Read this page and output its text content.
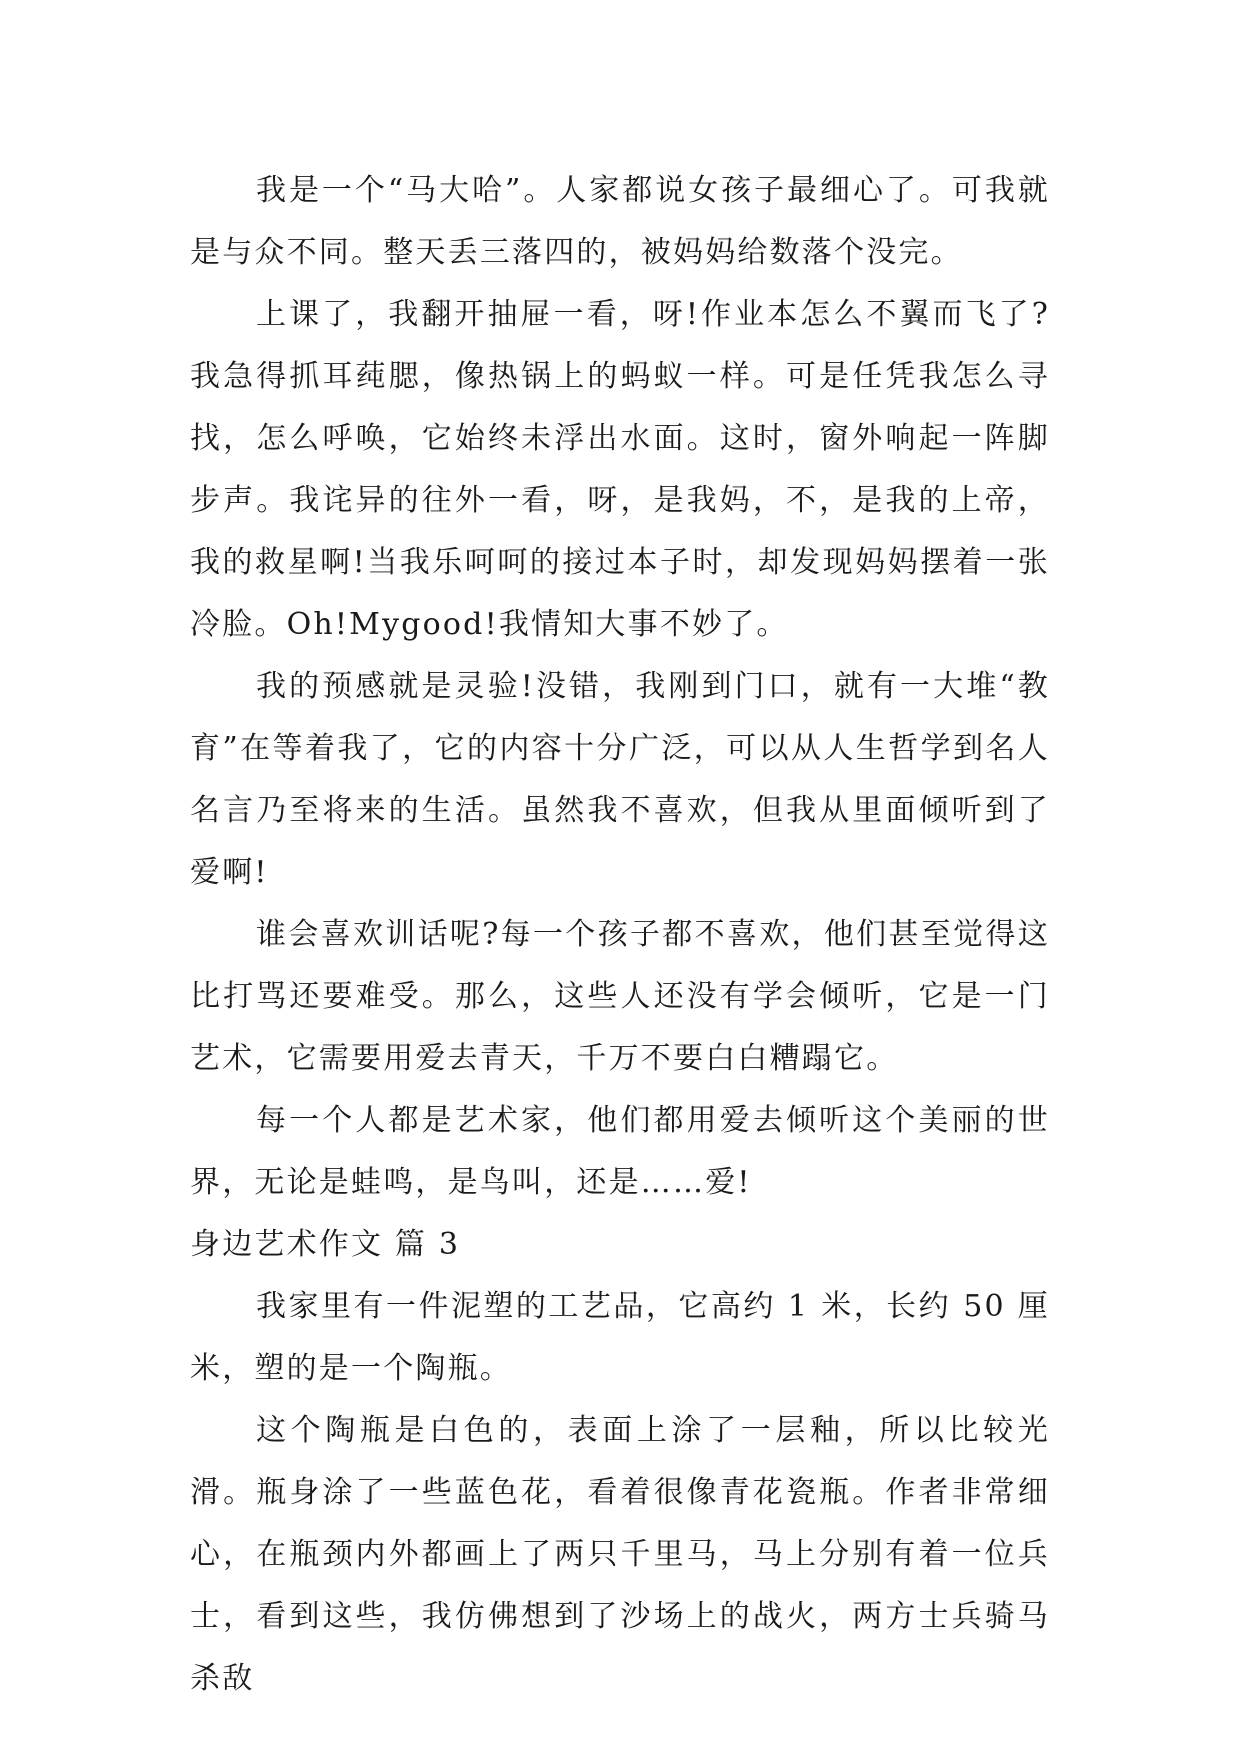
我是一个“马大哈”。人家都说女孩子最细心了。可我就是与众不同。整天丢三落四的，被妈妈给数落个没完。

上课了，我翻开抽屉一看，呀!作业本怎么不翼而飞了?我急得抓耳莼腮，像热锅上的蚂蚁一样。可是任凭我怎么寻找，怎么呼唤，它始终未浮出水面。这时，窗外响起一阵脚步声。我诧异的往外一看，呀，是我妈，不，是我的上帝，我的救星啊!当我乐呵呵的接过本子时，却发现妈妈摆着一张冷脸。Oh!Mygood!我情知大事不妙了。

我的预感就是灵验!没错，我刚到门口，就有一大堆“教育”在等着我了，它的内容十分广泛，可以从人生哲学到名人名言乃至将来的生活。虽然我不喜欢，但我从里面倾听到了爱啊!

谁会喜欢训话呢?每一个孩子都不喜欢，他们甚至觉得这比打骂还要难受。那么，这些人还没有学会倾听，它是一门艺术，它需要用爱去青天，千万不要白白糟蹋它。

每一个人都是艺术家，他们都用爱去倾听这个美丽的世界，无论是蛙鸣，是鸟叫，还是……爱!

身边艺术作文 篇 3

我家里有一件泥塑的工艺品，它高约 1 米，长约 50 厘米，塑的是一个陶瓶。

这个陶瓶是白色的，表面上涂了一层釉，所以比较光滑。瓶身涂了一些蓝色花，看着很像青花瓷瓶。作者非常细心，在瓶颈内外都画上了两只千里马，马上分别有着一位兵士，看到这些，我仿佛想到了沙场上的战火，两方士兵骑马杀敌
